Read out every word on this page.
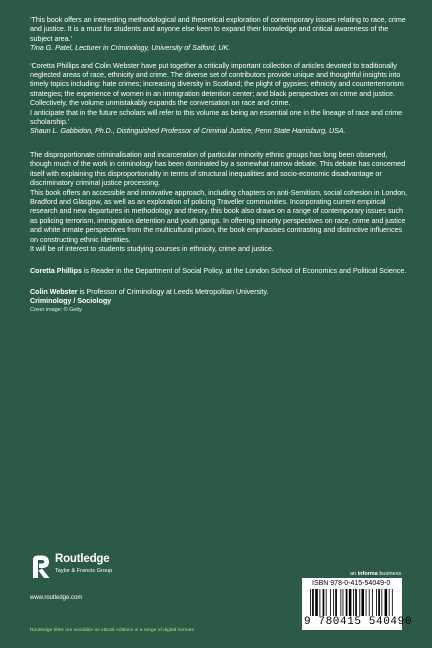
‘This book offers an interesting methodological and theoretical exploration of contemporary issues relating to race, crime and justice. It is a must for students and anyone else keen to expand their knowledge and critical awareness of the subject area.’

Tina G. Patel, Lecturer in Criminology, University of Salford, UK.

‘Coretta Phillips and Colin Webster have put together a critically important collection of articles devoted to traditionally neglected areas of race, ethnicity and crime. The diverse set of contributors provide unique and thoughtful insights into timely topics including: hate crimes; increasing diversity in Scotland; the plight of gypsies; ethnicity and counterterrorism strategies; the experience of women in an immigration detention center; and black perspectives on crime and justice. Collectively, the volume unmistakably expands the conversation on race and crime.

I anticipate that in the future scholars will refer to this volume as being an essential one in the lineage of race and crime scholarship.’

Shaun L. Gabbidon, Ph.D., Distinguished Professor of Criminal Justice, Penn State Harrisburg, USA.

The disproportionate criminalisation and incarceration of particular minority ethnic groups has long been observed, though much of the work in criminology has been dominated by a somewhat narrow debate. This debate has concerned itself with explaining this disproportionality in terms of structural inequalities and socio-economic disadvantage or discriminatory criminal justice processing.

This book offers an accessible and innovative approach, including chapters on anti-Semitism, social cohesion in London, Bradford and Glasgow, as well as an exploration of policing Traveller communities. Incorporating current empirical research and new departures in methodology and theory, this book also draws on a range of contemporary issues such as policing terrorism, immigration detention and youth gangs. In offering minority perspectives on race, crime and justice and white inmate perspectives from the multicultural prison, the book emphasises contrasting and distinctive influences on constructing ethnic identities.

It will be of interest to students studying courses in ethnicity, crime and justice.

Coretta Phillips is Reader in the Department of Social Policy, at the London School of Economics and Political Science.

Colin Webster is Professor of Criminology at Leeds Metropolitan University.

Criminology / Sociology

Cover image: © Getty

Routledge
Taylor & Francis Group
www.routledge.com
an informa business
ISBN 978-0-415-54049-0
9 780415 540490
Routledge titles are available as eBook editions in a range of digital formats
